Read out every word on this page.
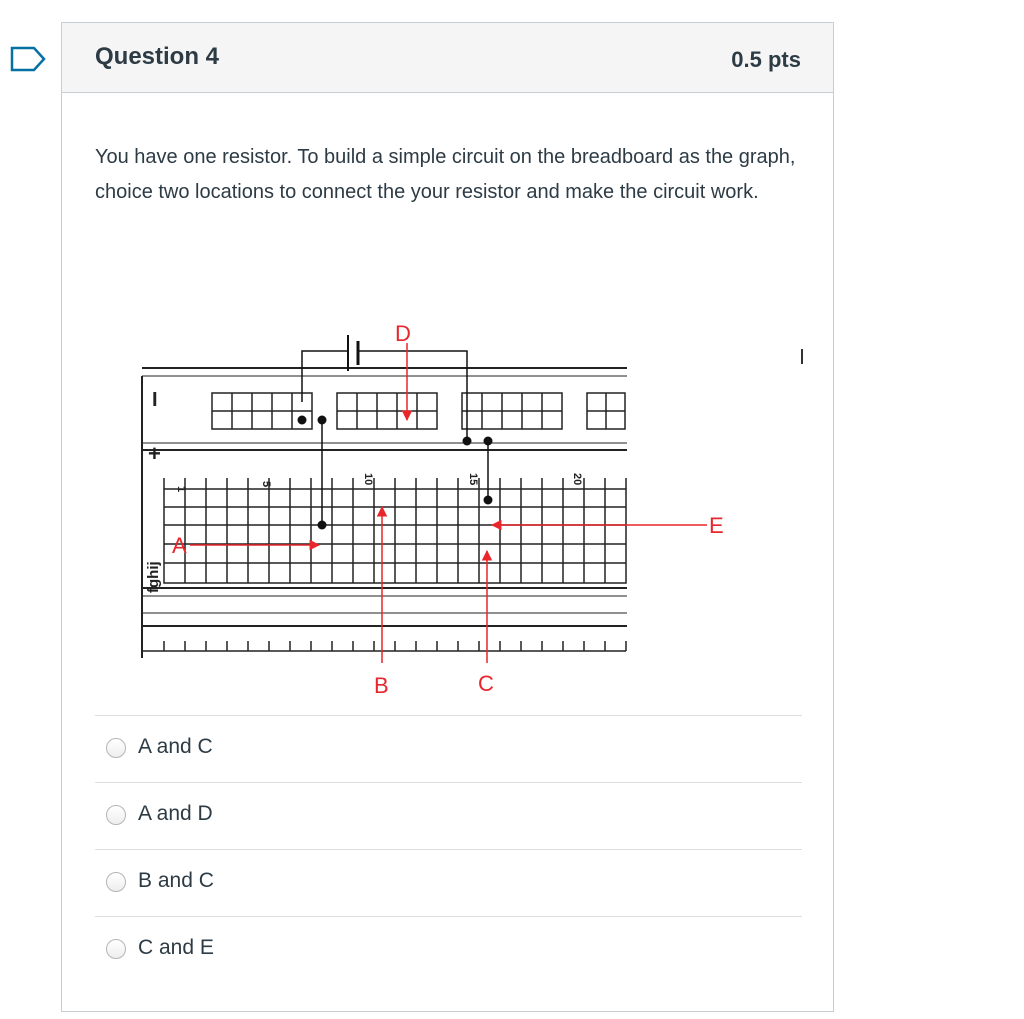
Question 4	0.5 pts
You have one resistor. To build a simple circuit on the breadboard as the graph, choice two locations to connect the your resistor and make the circuit work.
I
+
fghij
1
5	10	15	20
A
B	C
D
E
A and C
A and D
B and C
C and E
